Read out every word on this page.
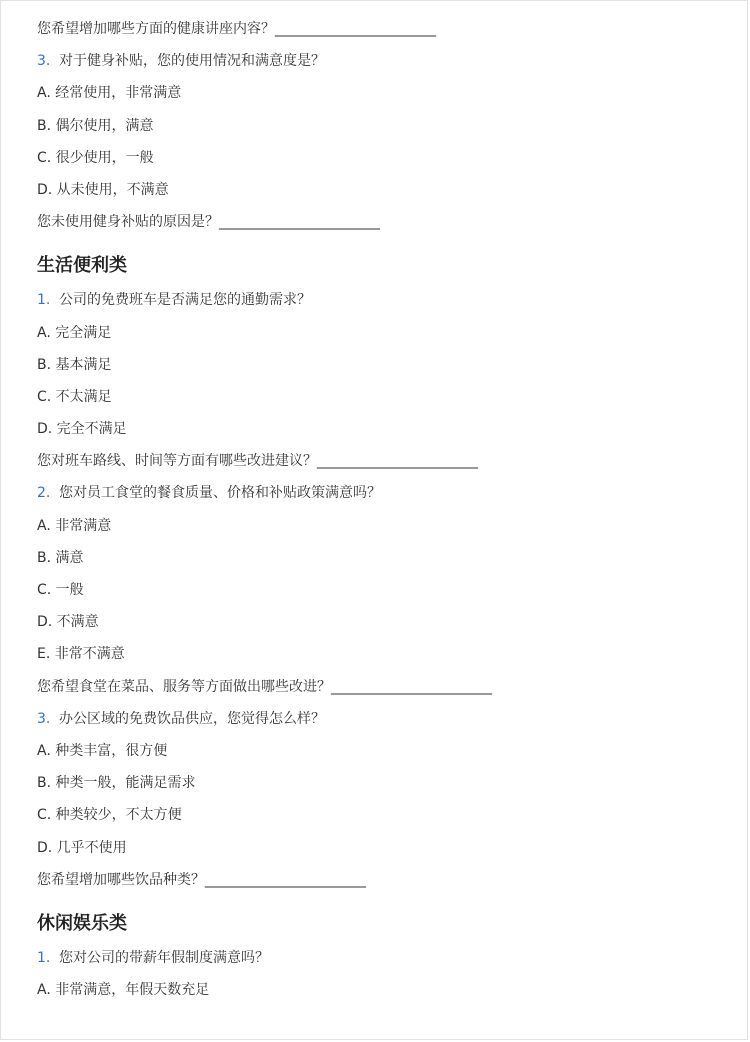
您希望增加哪些方面的健康讲座内容？_______________________
3. 对于健身补贴，您的使用情况和满意度是？
A. 经常使用，非常满意
B. 偶尔使用，满意
C. 很少使用，一般
D. 从未使用，不满意
您未使用健身补贴的原因是？_______________________
生活便利类
1. 公司的免费班车是否满足您的通勤需求？
A. 完全满足
B. 基本满足
C. 不太满足
D. 完全不满足
您对班车路线、时间等方面有哪些改进建议？_______________________
2. 您对员工食堂的餐食质量、价格和补贴政策满意吗？
A. 非常满意
B. 满意
C. 一般
D. 不满意
E. 非常不满意
您希望食堂在菜品、服务等方面做出哪些改进？_______________________
3. 办公区域的免费饮品供应，您觉得怎么样？
A. 种类丰富，很方便
B. 种类一般，能满足需求
C. 种类较少，不太方便
D. 几乎不使用
您希望增加哪些饮品种类？_______________________
休闲娱乐类
1. 您对公司的带薪年假制度满意吗？
A. 非常满意，年假天数充足
